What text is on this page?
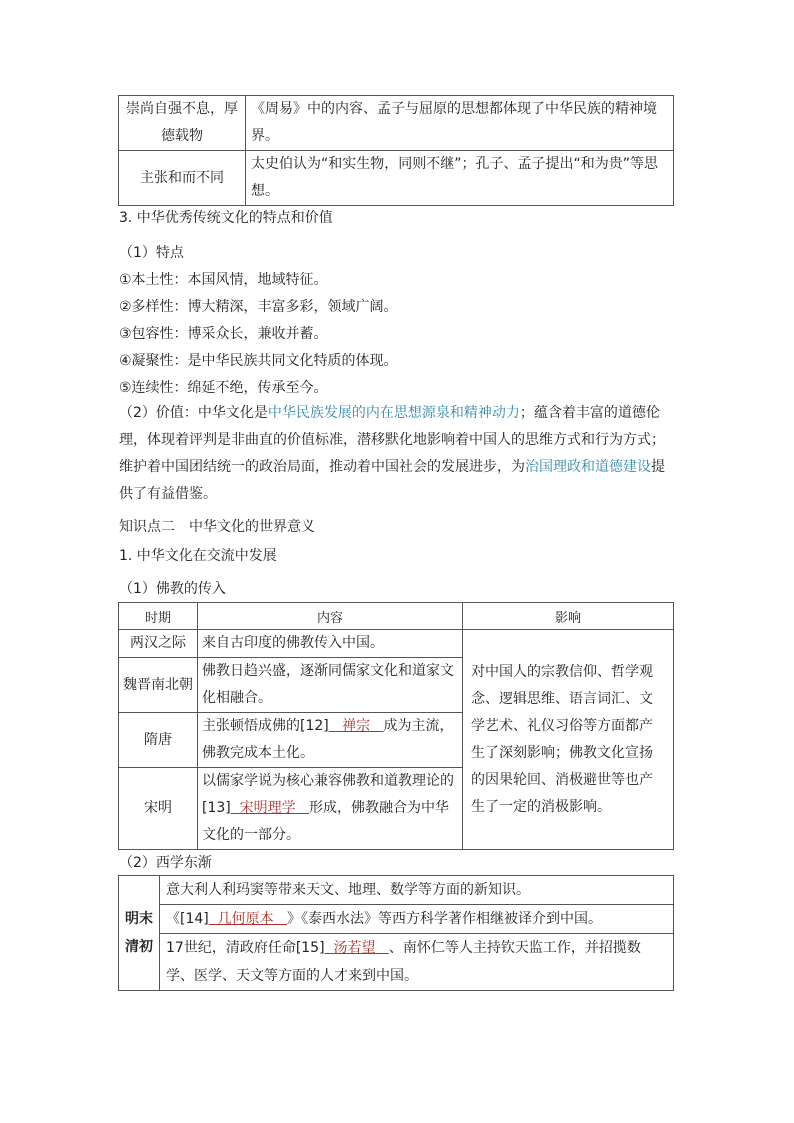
崇尚自强不息，厚德载物	《周易》中的内容、孟子与屈原的思想都体现了中华民族的精神境界。
主张和而不同	太史伯认为“和实生物，同则不继”；孔子、孟子提出“和为贵”等思想。
3. 中华优秀传统文化的特点和价值
（1）特点
①本土性：本国风情，地域特征。
②多样性：博大精深，丰富多彩，领域广阔。
③包容性：博采众长，兼收并蓄。
④凝聚性：是中华民族共同文化特质的体现。
⑤连续性：绵延不绝，传承至今。
（2）价值：中华文化是中华民族发展的内在思想源泉和精神动力；蕴含着丰富的道德伦理，体现着评判是非曲直的价值标准，潜移默化地影响着中国人的思维方式和行为方式；维护着中国团结统一的政治局面，推动着中国社会的发展进步，为治国理政和道德建设提供了有益借鉴。
知识点二　中华文化的世界意义
1. 中华文化在交流中发展
（1）佛教的传入
时期	内容	影响
两汉之际	来自古印度的佛教传入中国。	对中国人的宗教信仰、哲学观念、逻辑思维、语言词汇、文学艺术、礼仪习俗等方面都产生了深刻影响；佛教文化宣扬的因果轮回、消极避世等也产生了一定的消极影响。
魏晋南北朝	佛教日趋兴盛，逐渐同儒家文化和道家文化相融合。	
隋唐	主张顿悟成佛的[12] 禅宗 成为主流，佛教完成本土化。	
宋明	以儒家学说为核心兼容佛教和道教理论的[13] 宋明理学 形成，佛教融合为中华文化的一部分。	
（2）西学东渐
明末清初	意大利人利玛窦等带来天文、地理、数学等方面的新知识。
《[14] 几何原本 》《泰西水法》等西方科学著作相继被译介到中国。
17世纪，清政府任命[15] 汤若望 、南怀仁等人主持钦天监工作，并招揽数学、医学、天文等方面的人才来到中国。
